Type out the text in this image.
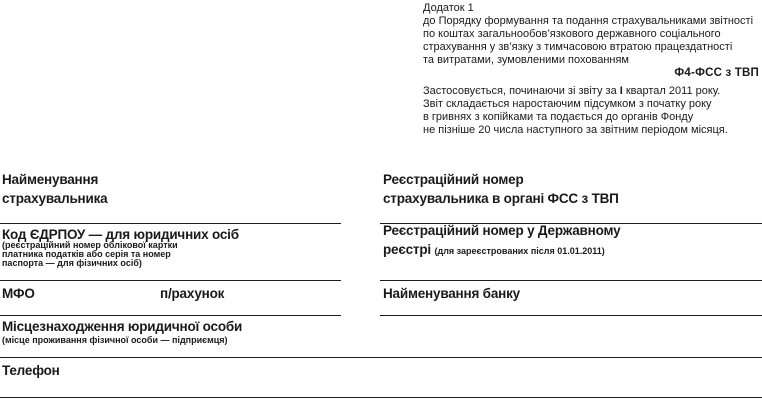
Додаток 1
до Порядку формування та подання страхувальниками звітності
по коштах загальнообов’язкового державного соціального
страхування у зв’язку з тимчасовою втратою працездатності
та витратами, зумовленими похованням
Ф4-ФСС з ТВП
Застосовується, починаючи зі звіту за I квартал 2011 року.
Звіт складається наростаючим підсумком з початку року
в гривнях з копійками та подається до органів Фонду
не пізніше 20 числа наступного за звітним періодом місяця.
Найменування
страхувальника
Код ЄДРПОУ — для юридичних осіб
(реєстраційний номер облікової картки
платника податків або серія та номер
паспорта — для фізичних осіб)
МФО	п/рахунок
Місцезнаходження юридичної особи
(місце проживання фізичної особи — підприємця)
Телефон
Реєстраційний номер
страхувальника в органі ФСС з ТВП
Реєстраційний номер у Державному
реєстрі (для зареєстрованих після 01.01.2011)
Найменування банку
